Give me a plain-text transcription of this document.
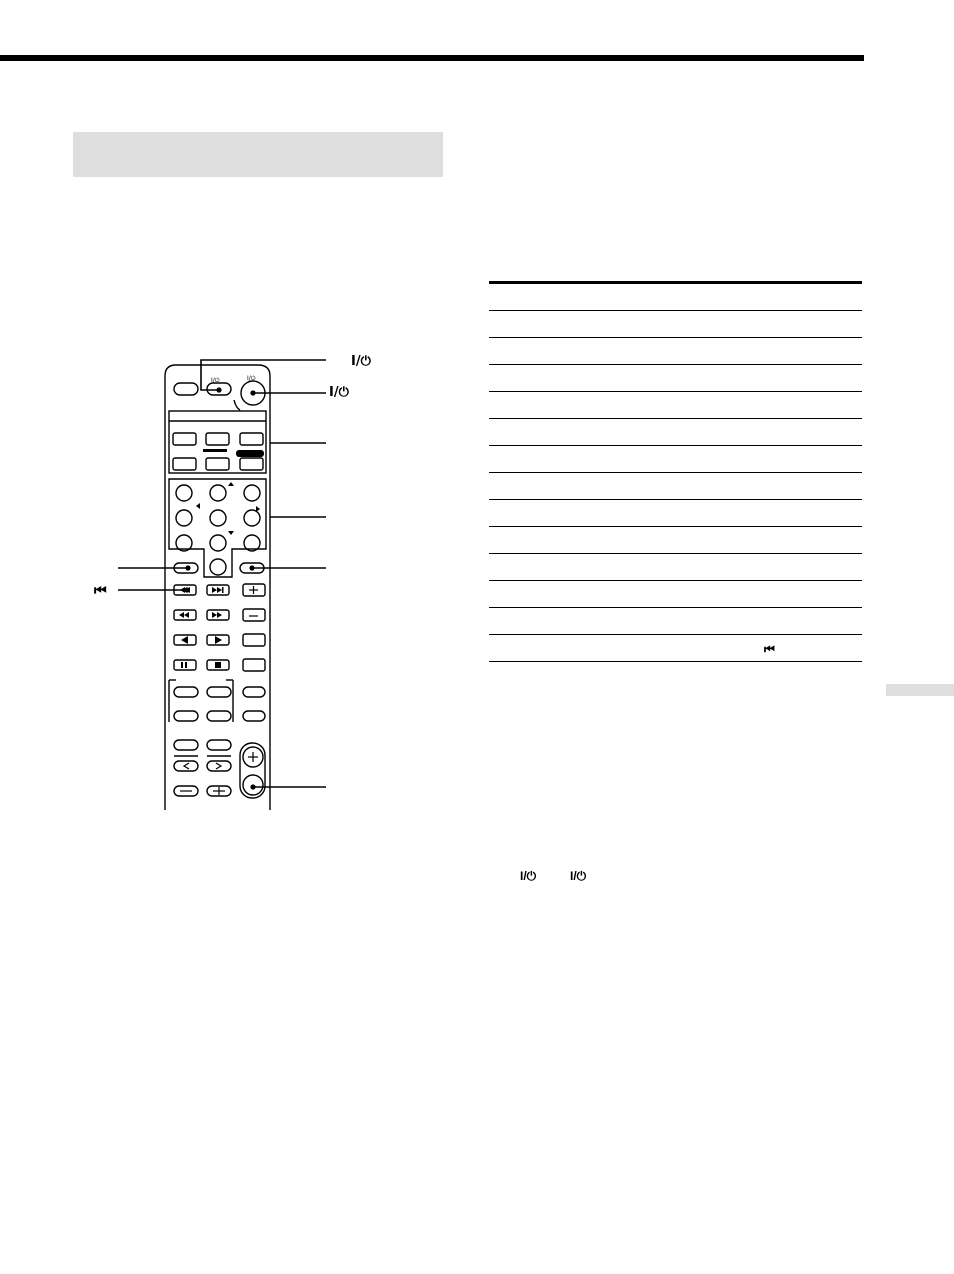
I/⏻
I/⏻
⏮
I/⏻	I/⏻
⏮
I/⏻	I/⏻
